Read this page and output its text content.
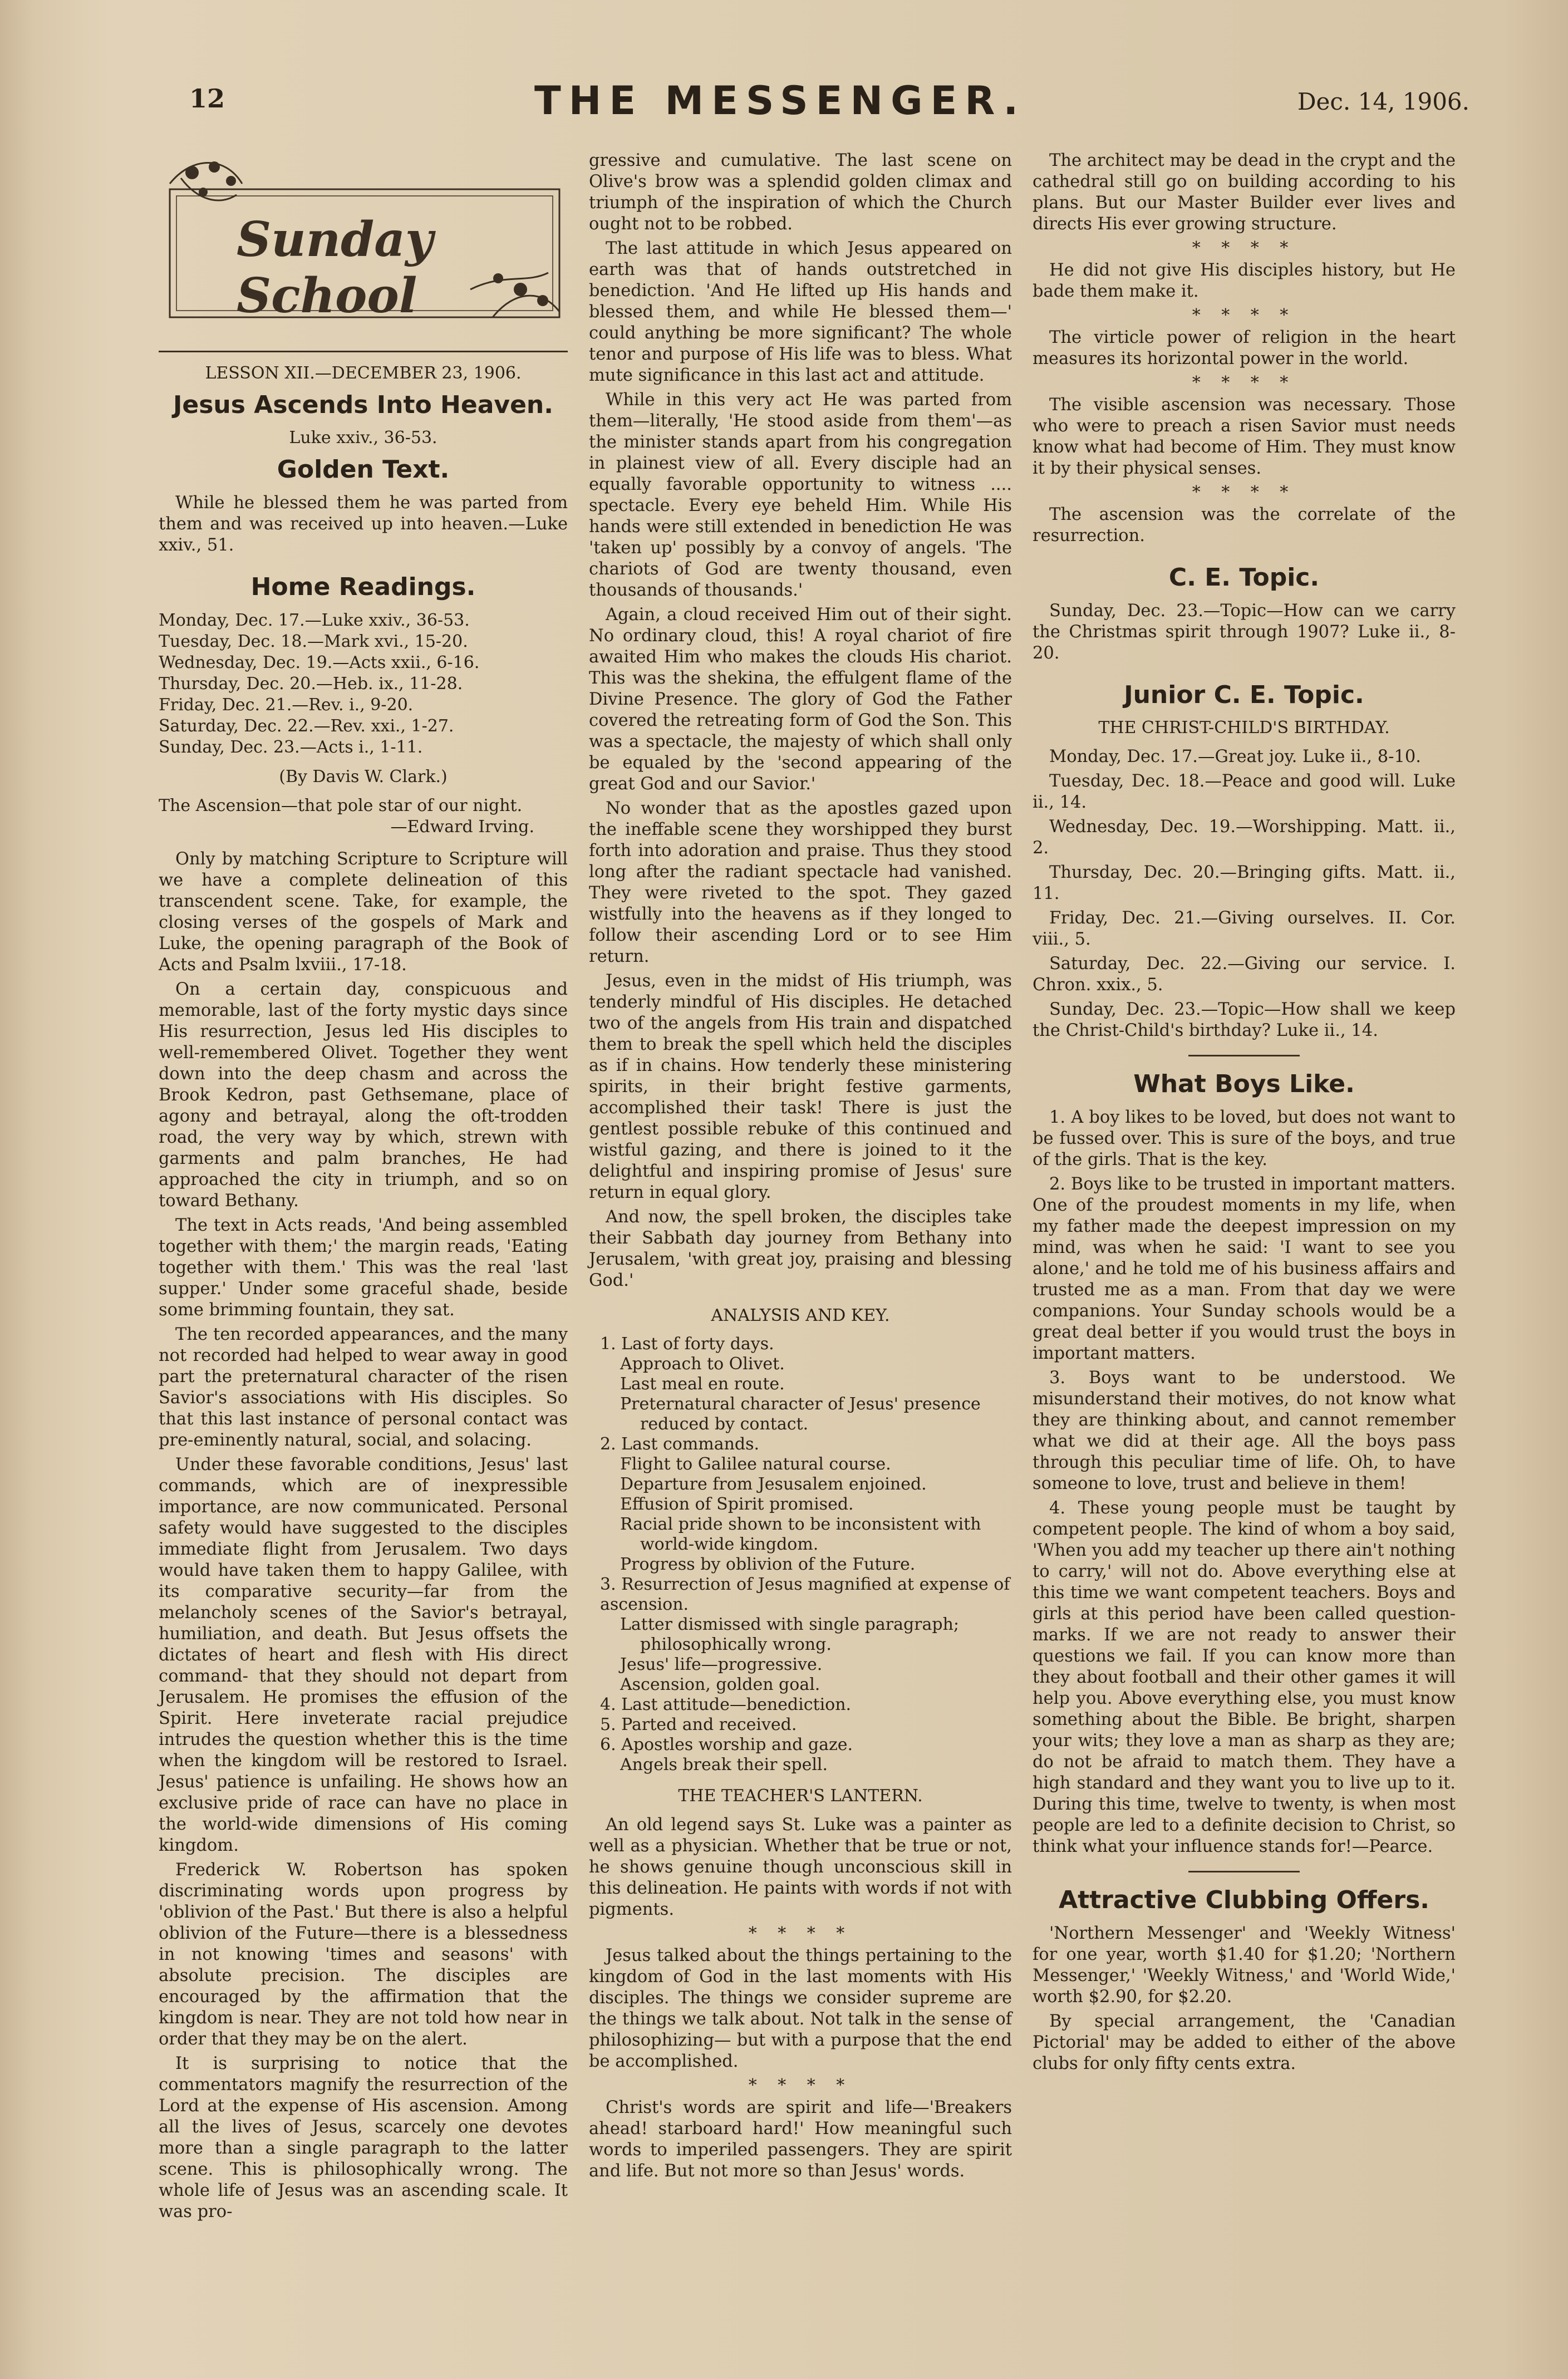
12	THE MESSENGER.	Dec. 14, 1906.
Sunday School
LESSON XII.—DECEMBER 23, 1906.
Jesus Ascends Into Heaven.
Luke xxiv., 36-53.
Golden Text.

While he blessed them he was parted from them and was received up into heaven.—Luke xxiv., 51.

Home Readings.
Monday, Dec. 17.—Luke xxiv., 36-53.
Tuesday, Dec. 18.—Mark xvi., 15-20.
Wednesday, Dec. 19.—Acts xxii., 6-16.
Thursday, Dec. 20.—Heb. ix., 11-28.
Friday, Dec. 21.—Rev. i., 9-20.
Saturday, Dec. 22.—Rev. xxi., 1-27.
Sunday, Dec. 23.—Acts i., 1-11.
(By Davis W. Clark.)
The Ascension—that pole star of our night.
—Edward Irving.

Only by matching Scripture to Scripture will we have a complete delineation of this transcendent scene. Take, for example, the closing verses of the gospels of Mark and Luke, the opening paragraph of the Book of Acts and Psalm lxviii., 17-18.

On a certain day, conspicuous and memorable, last of the forty mystic days since His resurrection, Jesus led His disciples to well-remembered Olivet. Together they went down into the deep chasm and across the Brook Kedron, past Gethsemane, place of agony and betrayal, along the oft-trodden road, the very way by which, strewn with garments and palm branches, He had approached the city in triumph, and so on toward Bethany.

The text in Acts reads, 'And being assembled together with them;' the margin reads, 'Eating together with them.' This was the real 'last supper.' Under some graceful shade, beside some brimming fountain, they sat.

The ten recorded appearances, and the many not recorded had helped to wear away in good part the preternatural character of the risen Savior's associations with His disciples. So that this last instance of personal contact was pre-eminently natural, social, and solacing.

Under these favorable conditions, Jesus' last commands, which are of inexpressible importance, are now communicated. Personal safety would have suggested to the disciples immediate flight from Jerusalem. Two days would have taken them to happy Galilee, with its comparative security—far from the melancholy scenes of the Savior's betrayal, humiliation, and death. But Jesus offsets the dictates of heart and flesh with His direct command- that they should not depart from Jerusalem. He promises the effusion of the Spirit. Here inveterate racial prejudice intrudes the question whether this is the time when the kingdom will be restored to Israel. Jesus' patience is unfailing. He shows how an exclusive pride of race can have no place in the world-wide dimensions of His coming kingdom.

Frederick W. Robertson has spoken discriminating words upon progress by 'oblivion of the Past.' But there is also a helpful oblivion of the Future—there is a blessedness in not knowing 'times and seasons' with absolute precision. The disciples are encouraged by the affirmation that the kingdom is near. They are not told how near in order that they may be on the alert.

It is surprising to notice that the commentators magnify the resurrection of the Lord at the expense of His ascension. Among all the lives of Jesus, scarcely one devotes more than a single paragraph to the latter scene. This is philosophically wrong. The whole life of Jesus was an ascending scale. It was pro-

gressive and cumulative. The last scene on Olive's brow was a splendid golden climax and triumph of the inspiration of which the Church ought not to be robbed.

The last attitude in which Jesus appeared on earth was that of hands outstretched in benediction. 'And He lifted up His hands and blessed them, and while He blessed them—' could anything be more significant? The whole tenor and purpose of His life was to bless. What mute significance in this last act and attitude.

While in this very act He was parted from them—literally, 'He stood aside from them'—as the minister stands apart from his congregation in plainest view of all. Every disciple had an equally favorable opportunity to witness .... spectacle. Every eye beheld Him. While His hands were still extended in benediction He was 'taken up' possibly by a convoy of angels. 'The chariots of God are twenty thousand, even thousands of thousands.'

Again, a cloud received Him out of their sight. No ordinary cloud, this! A royal chariot of fire awaited Him who makes the clouds His chariot. This was the shekina, the effulgent flame of the Divine Presence. The glory of God the Father covered the retreating form of God the Son. This was a spectacle, the majesty of which shall only be equaled by the 'second appearing of the great God and our Savior.'

No wonder that as the apostles gazed upon the ineffable scene they worshipped they burst forth into adoration and praise. Thus they stood long after the radiant spectacle had vanished. They were riveted to the spot. They gazed wistfully into the heavens as if they longed to follow their ascending Lord or to see Him return.

Jesus, even in the midst of His triumph, was tenderly mindful of His disciples. He detached two of the angels from His train and dispatched them to break the spell which held the disciples as if in chains. How tenderly these ministering spirits, in their bright festive garments, accomplished their task! There is just the gentlest possible rebuke of this continued and wistful gazing, and there is joined to it the delightful and inspiring promise of Jesus' sure return in equal glory.

And now, the spell broken, the disciples take their Sabbath day journey from Bethany into Jerusalem, 'with great joy, praising and blessing God.'

ANALYSIS AND KEY.
1. Last of forty days.
Approach to Olivet.
Last meal en route.
Preternatural character of Jesus' presence
reduced by contact.
2. Last commands.
Flight to Galilee natural course.
Departure from Jesusalem enjoined.
Effusion of Spirit promised.
Racial pride shown to be inconsistent with
world-wide kingdom.
Progress by oblivion of the Future.
3. Resurrection of Jesus magnified at expense of ascension.
Latter dismissed with single paragraph;
philosophically wrong.
Jesus' life—progressive.
Ascension, golden goal.
4. Last attitude—benediction.
5. Parted and received.
6. Apostles worship and gaze.
Angels break their spell.
THE TEACHER'S LANTERN.

An old legend says St. Luke was a painter as well as a physician. Whether that be true or not, he shows genuine though unconscious skill in this delineation. He paints with words if not with pigments.

* * * *

Jesus talked about the things pertaining to the kingdom of God in the last moments with His disciples. The things we consider supreme are the things we talk about. Not talk in the sense of philosophizing— but with a purpose that the end be accomplished.

* * * *

Christ's words are spirit and life—'Breakers ahead! starboard hard!' How meaningful such words to imperiled passengers. They are spirit and life. But not more so than Jesus' words.

The architect may be dead in the crypt and the cathedral still go on building according to his plans. But our Master Builder ever lives and directs His ever growing structure.

* * * *

He did not give His disciples history, but He bade them make it.

* * * *

The virticle power of religion in the heart measures its horizontal power in the world.

* * * *

The visible ascension was necessary. Those who were to preach a risen Savior must needs know what had become of Him. They must know it by their physical senses.

* * * *

The ascension was the correlate of the resurrection.

C. E. Topic.

Sunday, Dec. 23.—Topic—How can we carry the Christmas spirit through 1907? Luke ii., 8-20.

Junior C. E. Topic.
THE CHRIST-CHILD'S BIRTHDAY.

Monday, Dec. 17.—Great joy. Luke ii., 8-10.

Tuesday, Dec. 18.—Peace and good will. Luke ii., 14.

Wednesday, Dec. 19.—Worshipping. Matt. ii., 2.

Thursday, Dec. 20.—Bringing gifts. Matt. ii., 11.

Friday, Dec. 21.—Giving ourselves. II. Cor. viii., 5.

Saturday, Dec. 22.—Giving our service. I. Chron. xxix., 5.

Sunday, Dec. 23.—Topic—How shall we keep the Christ-Child's birthday? Luke ii., 14.

What Boys Like.

1. A boy likes to be loved, but does not want to be fussed over. This is sure of the boys, and true of the girls. That is the key.

2. Boys like to be trusted in important matters. One of the proudest moments in my life, when my father made the deepest impression on my mind, was when he said: 'I want to see you alone,' and he told me of his business affairs and trusted me as a man. From that day we were companions. Your Sunday schools would be a great deal better if you would trust the boys in important matters.

3. Boys want to be understood. We misunderstand their motives, do not know what they are thinking about, and cannot remember what we did at their age. All the boys pass through this peculiar time of life. Oh, to have someone to love, trust and believe in them!

4. These young people must be taught by competent people. The kind of whom a boy said, 'When you add my teacher up there ain't nothing to carry,' will not do. Above everything else at this time we want competent teachers. Boys and girls at this period have been called question-marks. If we are not ready to answer their questions we fail. If you can know more than they about football and their other games it will help you. Above everything else, you must know something about the Bible. Be bright, sharpen your wits; they love a man as sharp as they are; do not be afraid to match them. They have a high standard and they want you to live up to it. During this time, twelve to twenty, is when most people are led to a definite decision to Christ, so think what your influence stands for!—Pearce.

Attractive Clubbing Offers.

'Northern Messenger' and 'Weekly Witness' for one year, worth $1.40 for $1.20; 'Northern Messenger,' 'Weekly Witness,' and 'World Wide,' worth $2.90, for $2.20.

By special arrangement, the 'Canadian Pictorial' may be added to either of the above clubs for only fifty cents extra.
